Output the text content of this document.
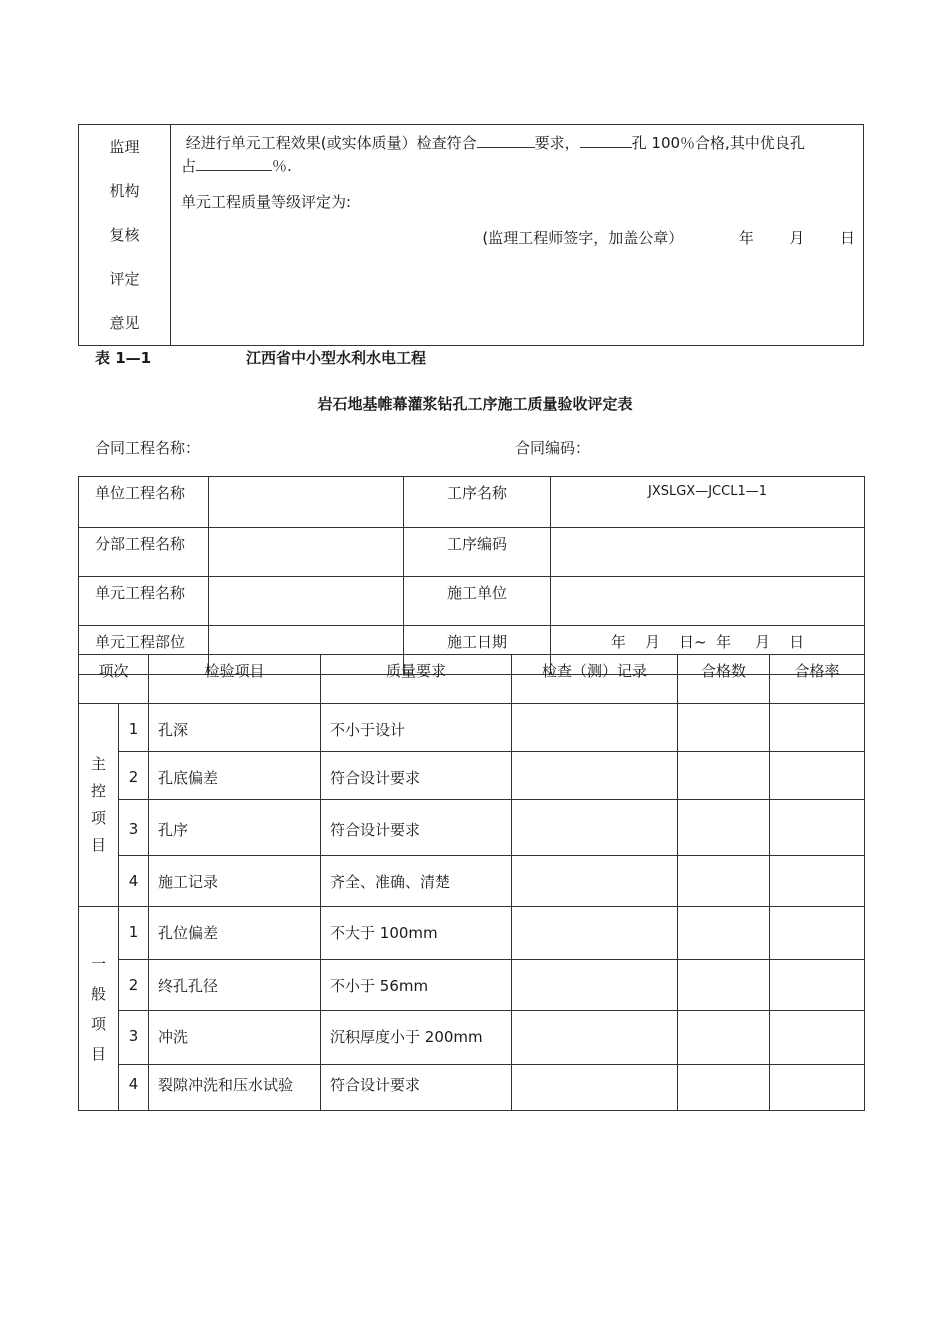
监理
机构
复核
评定
意见

经进行单元工程效果(或实体质量）检查符合	要求，	孔 100％合格,其中优良孔
占	％.
单元工程质量等级评定为:
(监理工程师签字，加盖公章）	年 月 日
表 1—1	江西省中小型水利水电工程
岩石地基帷幕灌浆钻孔工序施工质量验收评定表
合同工程名称：	合同编码：
单位工程名称		工序名称	JXSLGX—JCCL1—1
分部工程名称		工序编码	
单元工程名称		施工单位	
单元工程部位		施工日期	年    月    日~  年     月    日
项次		检验项目	质量要求	检查（测）记录	合格数	合格率

主
控
项
目	1	孔深	不小于设计			
	2	孔底偏差	符合设计要求			
	3	孔序	符合设计要求			
	4	施工记录	齐全、准确、清楚			

一
般
项
目	1	孔位偏差	不大于 100mm			
	2	终孔孔径	不小于 56mm			
	3	冲洗	沉积厚度小于 200mm			
	4	裂隙冲洗和压水试验	符合设计要求			
